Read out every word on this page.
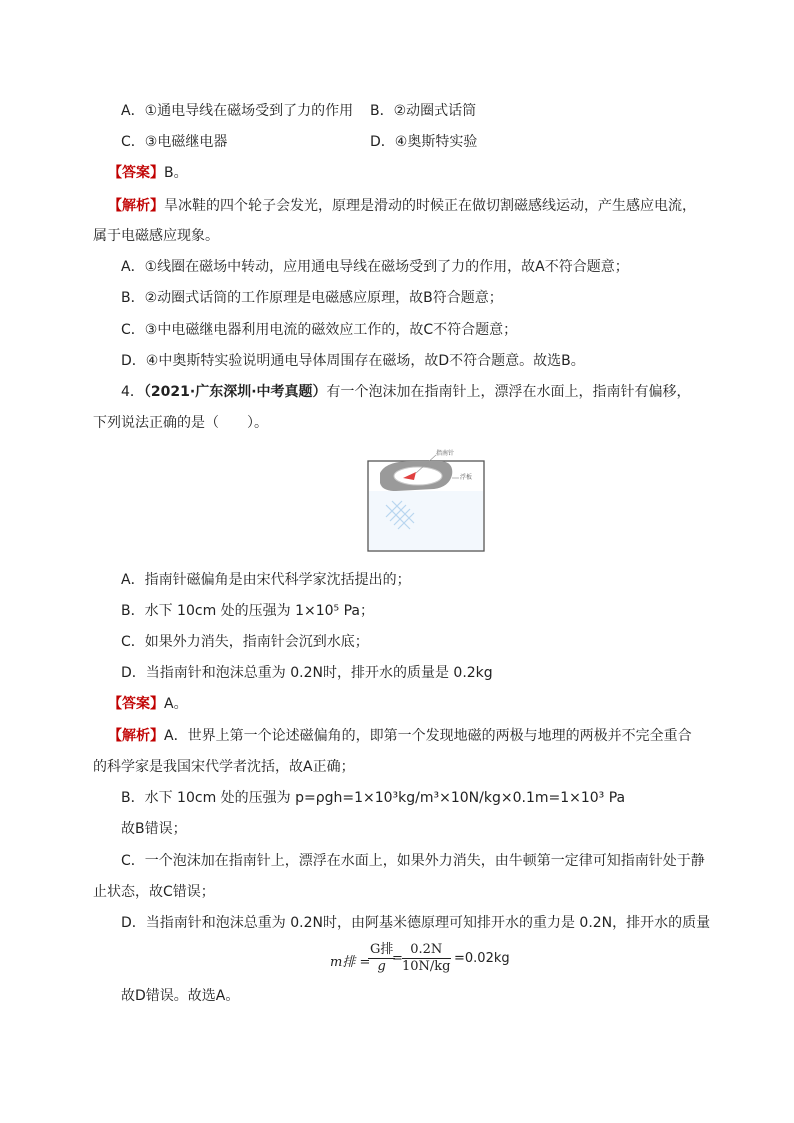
A．①通电导线在磁场受到了力的作用 B．②动圈式话筒
C．③电磁继电器	D．④奥斯特实验
【答案】B。
【解析】旱冰鞋的四个轮子会发光，原理是滑动的时候正在做切割磁感线运动，产生感应电流，
属于电磁感应现象。
A．①线圈在磁场中转动，应用通电导线在磁场受到了力的作用，故A不符合题意；
B．②动圈式话筒的工作原理是电磁感应原理，故B符合题意；
C．③中电磁继电器利用电流的磁效应工作的，故C不符合题意；
D．④中奥斯特实验说明通电导体周围存在磁场，故D不符合题意。故选B。
4．（2021·广东深圳·中考真题）有一个泡沫加在指南针上，漂浮在水面上，指南针有偏移，
下列说法正确的是（　　）。
指南针
浮板
A．指南针磁偏角是由宋代科学家沈括提出的；
B．水下 10cm 处的压强为 1×10⁵ Pa；
C．如果外力消失，指南针会沉到水底；
D．当指南针和泡沫总重为 0.2N时，排开水的质量是 0.2kg
【答案】A。
【解析】A．世界上第一个论述磁偏角的，即第一个发现地磁的两极与地理的两极并不完全重合
的科学家是我国宋代学者沈括，故A正确；
B．水下 10cm 处的压强为 p=ρgh=1×10³kg/m³×10N/kg×0.1m=1×10³ Pa
故B错误；
C．一个泡沫加在指南针上，漂浮在水面上，如果外力消失，由牛顿第一定律可知指南针处于静
止状态，故C错误；
D．当指南针和泡沫总重为 0.2N时，由阿基米德原理可知排开水的重力是 0.2N，排开水的质量
m排 =
G排
g
= $\frac{0.2N}{10N/kg} =0.02kg$
故D错误。故选A。
